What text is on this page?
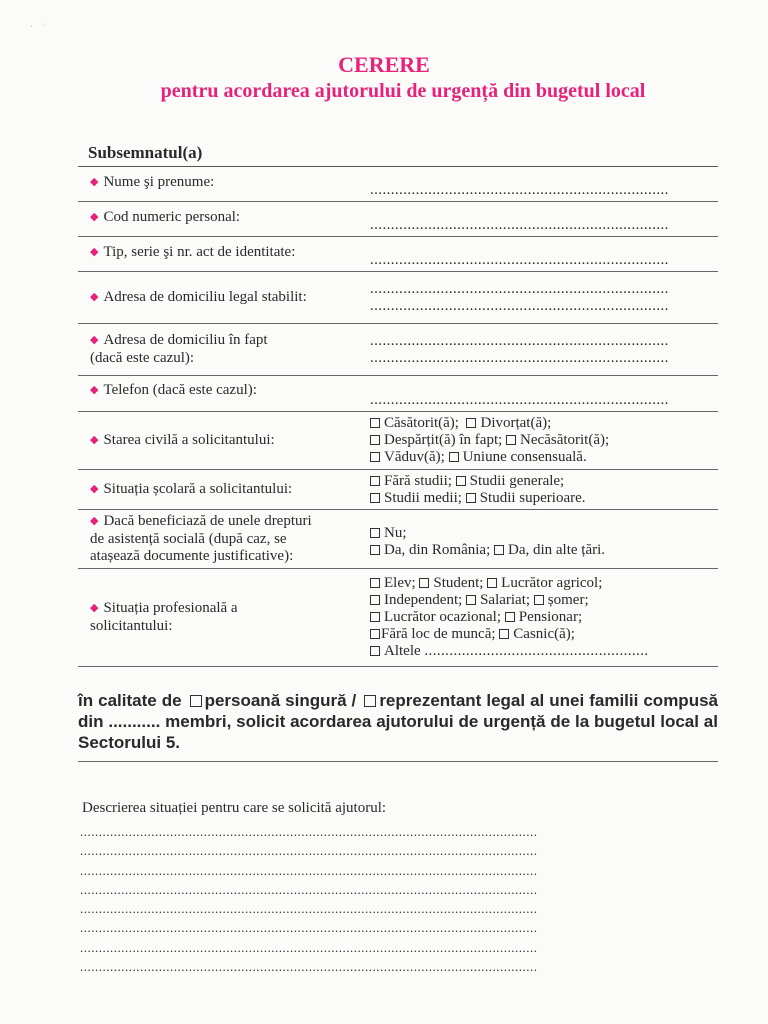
·     ˙
CERERE
pentru acordarea ajutorului de urgență din bugetul local
Subsemnatul(a)
◆ Nume şi prenume:	........................................................................
◆ Cod numeric personal:	........................................................................
◆ Tip, serie şi nr. act de identitate:	........................................................................
◆ Adresa de domiciliu legal stabilit:	........................................................................
........................................................................
◆ Adresa de domiciliu în fapt
(dacă este cazul):
........................................................................
........................................................................
◆ Telefon (dacă este cazul):
........................................................................
◆ Starea civilă a solicitantului:
Căsătorit(ă); Divorțat(ă);
Despărțit(ă) în fapt; Necăsătorit(ă);
Văduv(ă); Uniune consensuală.
◆ Situația școlară a solicitantului:	Fără studii; Studii generale;
Studii medii; Studii superioare.
◆ Dacă beneficiază de unele drepturi
de asistență socială (după caz, se
atașează documente justificative):
Nu;
Da, din România; Da, din alte țări.
◆ Situația profesională a
solicitantului:
Elev; Student; Lucrător agricol;
Independent; Salariat; șomer;
Lucrător ocazional; Pensionar;
Fără loc de muncă; Casnic(ă);
Altele ......................................................
în calitate de persoană singură / reprezentant legal al unei familii compusă din ........... membri, solicit acordarea ajutorului de urgență de la bugetul local al Sectorului 5.
Descrierea situației pentru care se solicită ajutorul:
..........................................................................................................................
..........................................................................................................................
..........................................................................................................................
..........................................................................................................................
..........................................................................................................................
..........................................................................................................................
..........................................................................................................................
..........................................................................................................................
